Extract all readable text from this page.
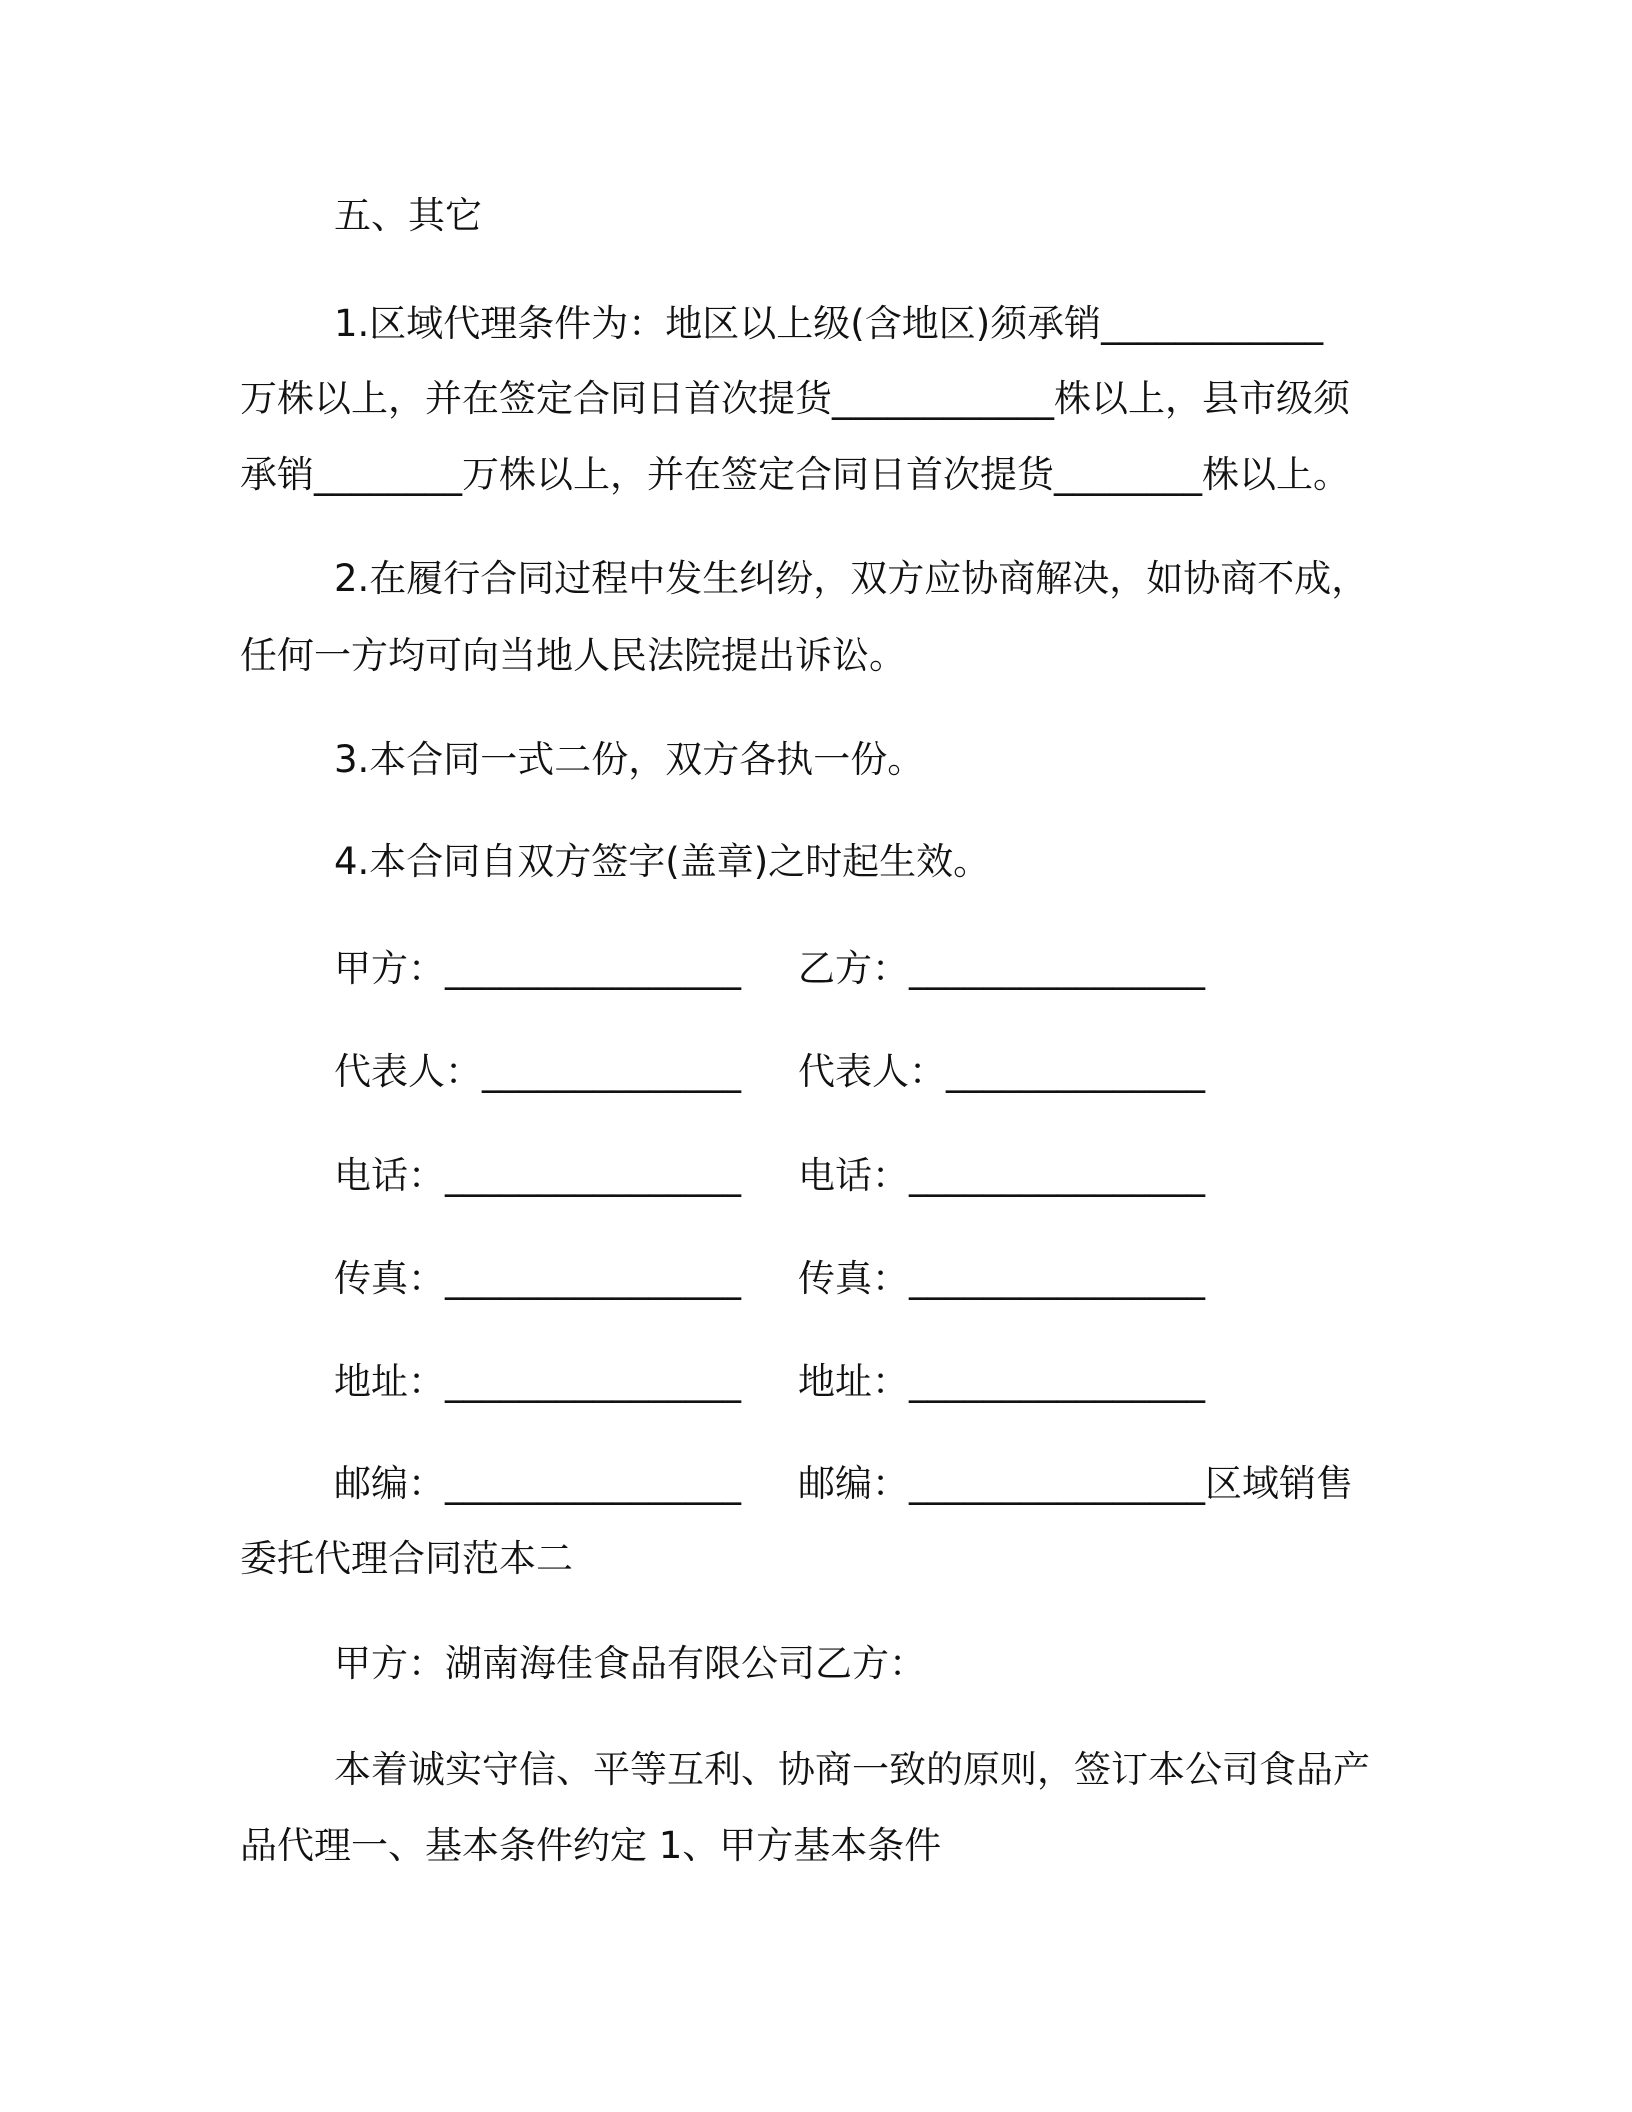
五、其它
1.区域代理条件为：地区以上级(含地区)须承销____________
万株以上，并在签定合同日首次提货____________株以上，县市级须
承销________万株以上，并在签定合同日首次提货________株以上。
2.在履行合同过程中发生纠纷，双方应协商解决，如协商不成，
任何一方均可向当地人民法院提出诉讼。
3.本合同一式二份，双方各执一份。
4.本合同自双方签字(盖章)之时起生效。
甲方：________________ 乙方：________________
代表人：______________ 代表人：______________
电话：________________ 电话：________________
传真：________________ 传真：________________
地址：________________ 地址：________________
邮编：________________ 邮编：________________区域销售
委托代理合同范本二
甲方：湖南海佳食品有限公司乙方：
本着诚实守信、平等互利、协商一致的原则，签订本公司食品产
品代理一、基本条件约定 1、甲方基本条件
